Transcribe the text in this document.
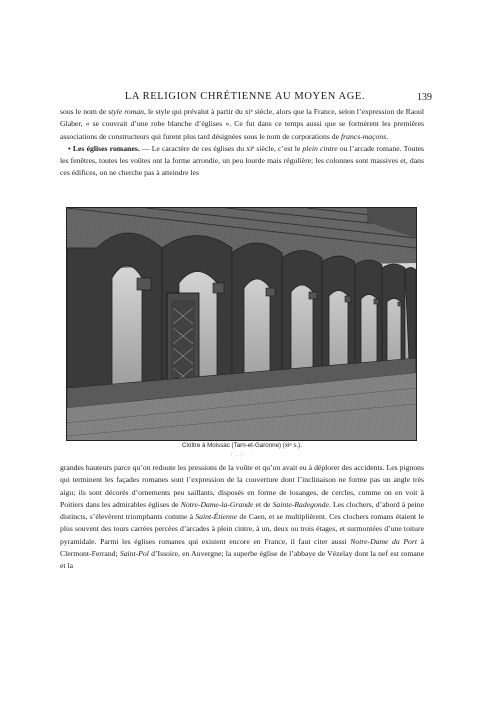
LA RELIGION CHRÉTIENNE AU MOYEN AGE.	139

sous le nom de style roman, le style qui prévalut à partir du xiᵉ siècle, alors que la France, selon l’expression de Raoul Glaber, « se couvrait d’une robe blanche d’églises ». Ce fut dans ce temps aussi que se formèrent les premières associations de constructeurs qui furent plus tard désignées sous le nom de corporations de francs-maçons.

• Les églises romanes. — Le caractère de ces églises du xiᵉ siècle, c’est le plein cintre ou l’arcade romane. Toutes les fenêtres, toutes les voûtes ont la forme arrondie, un peu lourde mais régulière; les colonnes sont massives et, dans ces édifices, on ne cherche pas à atteindre les

Cloître à Moissac (Tarn-et-Garonne) (xiᵉ s.).
( ... ) .' ' .'

grandes hauteurs parce qu’on redoute les pressions de la voûte et qu’on avait eu à déplorer des accidents. Les pignons qui terminent les façades romanes sont l’expression de la couverture dont l’inclinaison ne forme pas un angle très aigu; ils sont décorés d’ornements peu saillants, disposés en forme de losanges, de cercles, comme on en voit à Poitiers dans les admirables églises de Notre-Dame-la-Grande et de Sainte-Radegonde. Les clochers, d’abord à peine distincts, s’élevèrent triomphants comme à Saint-Étienne de Caen, et se multiplièrent. Ces clochers romans étaient le plus souvent des tours carrées percées d’arcades à plein cintre, à un, deux ou trois étages, et surmontées d’une toiture pyramidale. Parmi les églises romanes qui existent encore en France, il faut citer aussi Notre-Dame du Port à Clermont-Ferrand; Saint-Pol d’Issoire, en Auvergne; la superbe église de l’abbaye de Vézelay dont la nef est romane et la
